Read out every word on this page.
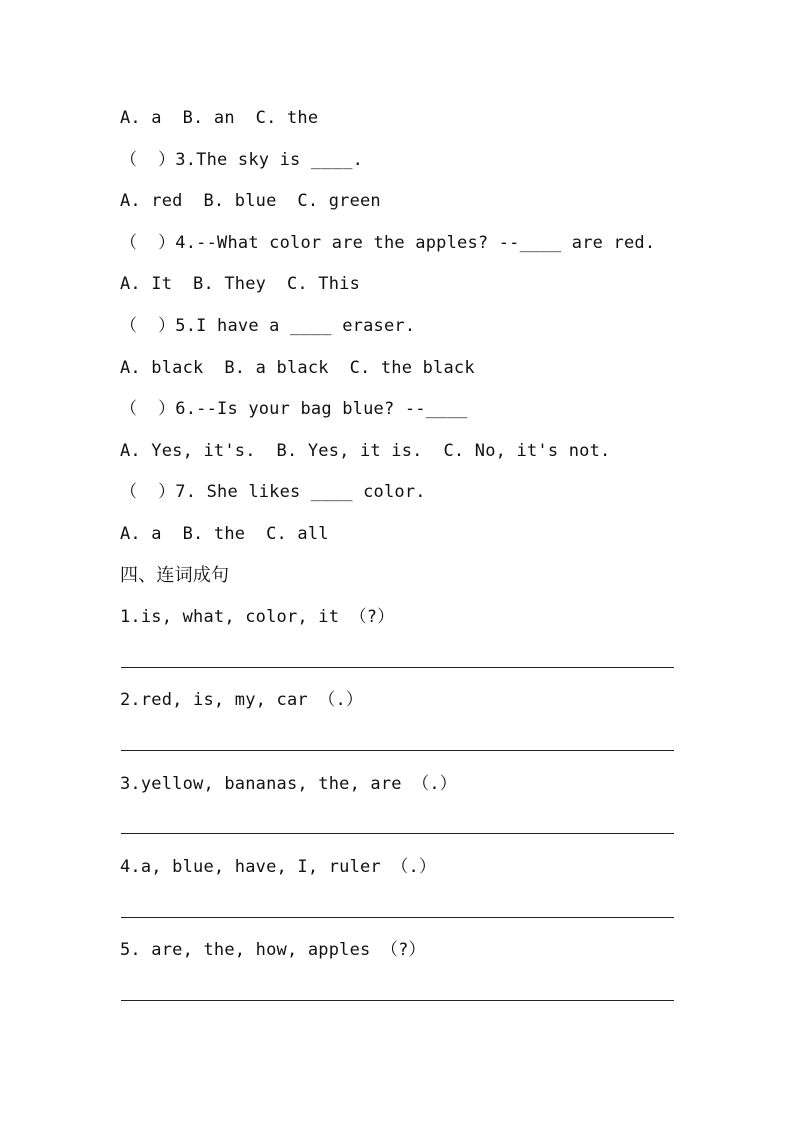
A. a  B. an  C. the
（  ）3.The sky is ____.
A. red  B. blue  C. green
（  ）4.--What color are the apples? --____ are red.
A. It  B. They  C. This
（  ）5.I have a ____ eraser.
A. black  B. a black  C. the black
（  ）6.--Is your bag blue? --____
A. Yes, it's.  B. Yes, it is.  C. No, it's not.
（  ）7. She likes ____ color.
A. a  B. the  C. all
四、连词成句
1.is, what, color, it （?）
2.red, is, my, car （.）
3.yellow, bananas, the, are （.）
4.a, blue, have, I, ruler （.）
5. are, the, how, apples （?）
